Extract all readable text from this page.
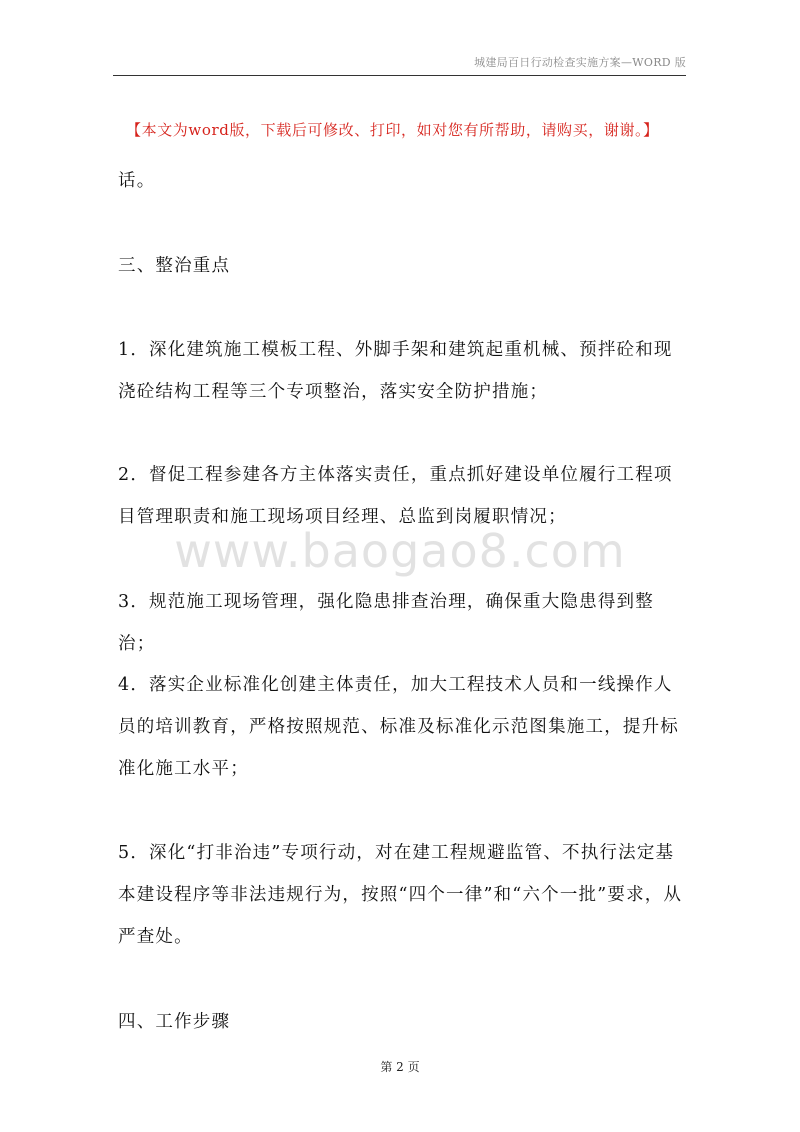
城建局百日行动检查实施方案—WORD 版
【本文为word版，下载后可修改、打印，如对您有所帮助，请购买，谢谢。】
话。
三、整治重点
1．深化建筑施工模板工程、外脚手架和建筑起重机械、预拌砼和现浇砼结构工程等三个专项整治，落实安全防护措施；
2．督促工程参建各方主体落实责任，重点抓好建设单位履行工程项目管理职责和施工现场项目经理、总监到岗履职情况；
3．规范施工现场管理，强化隐患排查治理，确保重大隐患得到整治；
4．落实企业标准化创建主体责任，加大工程技术人员和一线操作人员的培训教育，严格按照规范、标准及标准化示范图集施工，提升标准化施工水平；
5．深化“打非治违”专项行动，对在建工程规避监管、不执行法定基本建设程序等非法违规行为，按照“四个一律”和“六个一批”要求，从严查处。
四、工作步骤
www.baogao8.com
第 2 页
